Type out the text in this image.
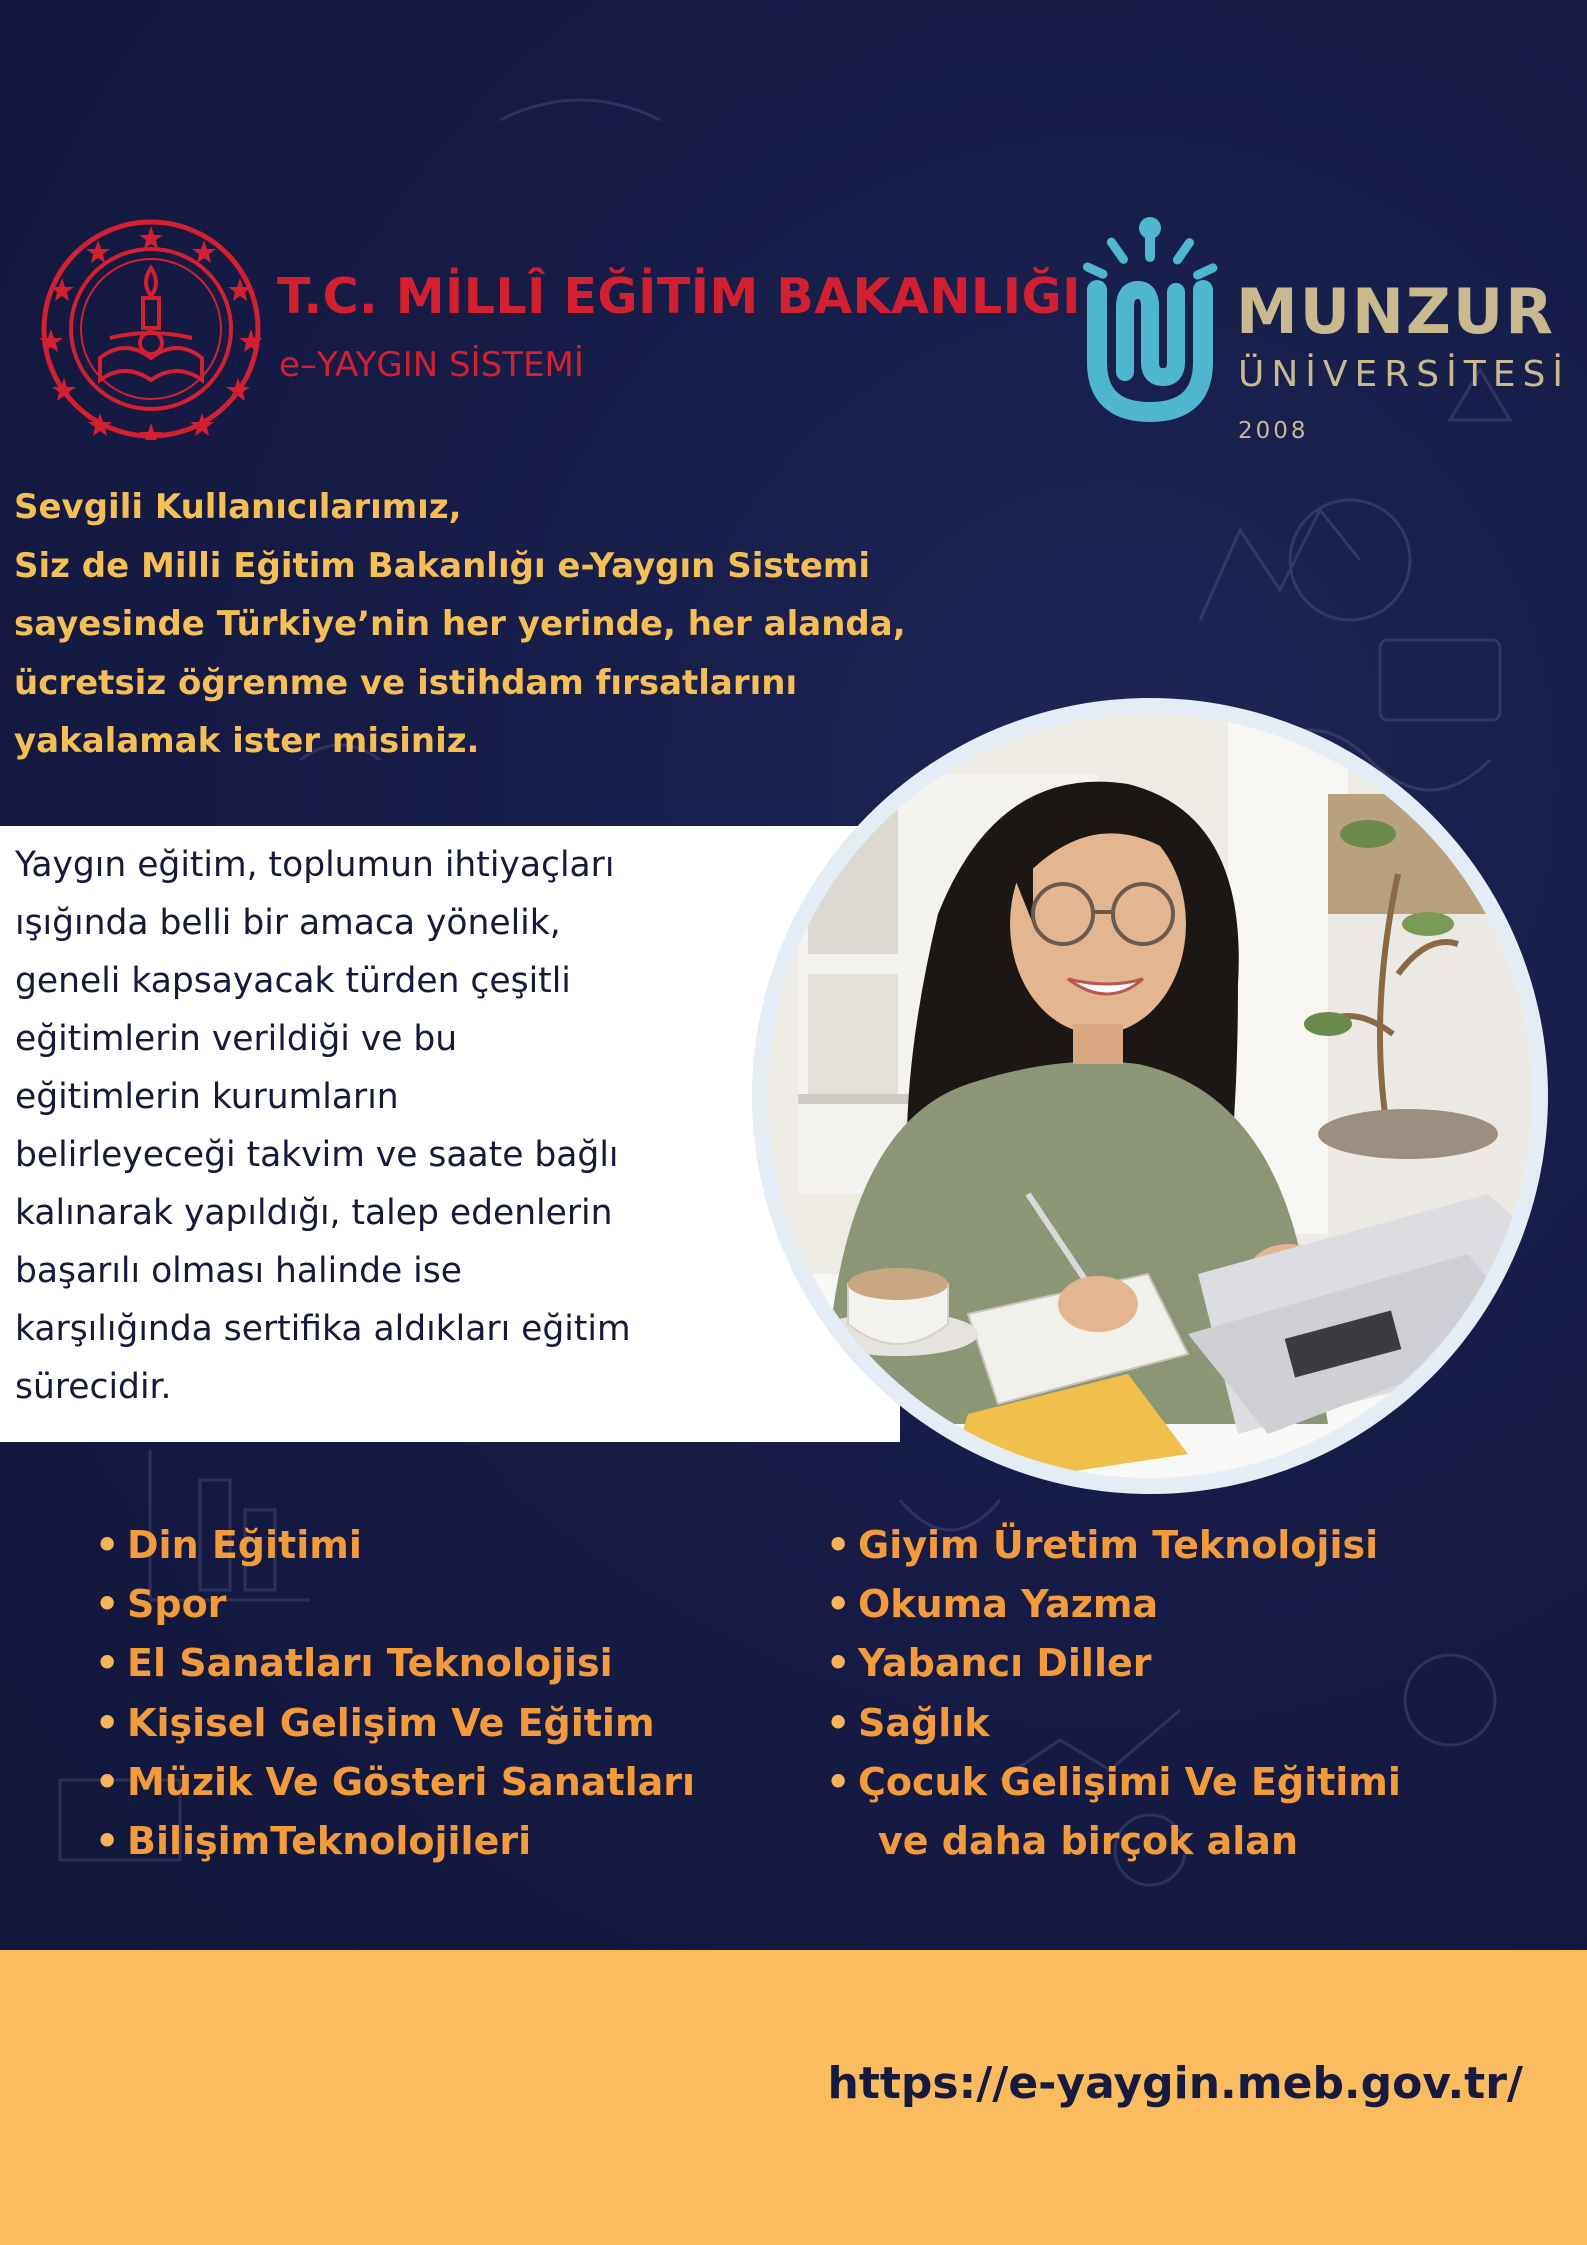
T.C. MİLLÎ EĞİTİM BAKANLIĞI
e–YAYGIN SİSTEMİ
MUNZUR
ÜNİVERSİTESİ
2008
Sevgili Kullanıcılarımız,
Siz de Milli Eğitim Bakanlığı e-Yaygın Sistemi
sayesinde Türkiye’nin her yerinde, her alanda,
ücretsiz öğrenme ve istihdam fırsatlarını
yakalamak ister misiniz.
Yaygın eğitim, toplumun ihtiyaçları
ışığında belli bir amaca yönelik,
geneli kapsayacak türden çeşitli
eğitimlerin verildiği ve bu
eğitimlerin kurumların
belirleyeceği takvim ve saate bağlı
kalınarak yapıldığı, talep edenlerin
başarılı olması halinde ise
karşılığında sertifika aldıkları eğitim
sürecidir.
• Din Eğitimi
• Spor
• El Sanatları Teknolojisi
• Kişisel Gelişim Ve Eğitim
• Müzik Ve Gösteri Sanatları
• BilişimTeknolojileri
• Giyim Üretim Teknolojisi
• Okuma Yazma
• Yabancı Diller
• Sağlık
• Çocuk Gelişimi Ve Eğitimi
ve daha birçok alan
https://e-yaygin.meb.gov.tr/
